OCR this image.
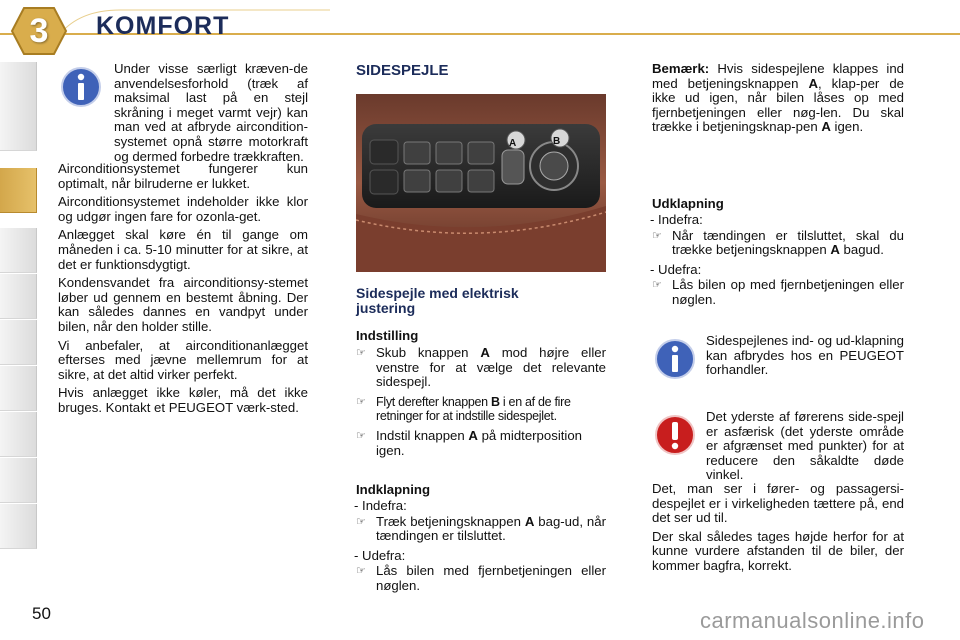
3	KOMFORT
Under visse særligt kræven-de anvendelsesforhold (træk af maksimal last på en stejl skråning i meget varmt vejr) kan man ved at afbryde aircondition-systemet opnå større motorkraft og dermed forbedre trækkraften.

Airconditionsystemet fungerer kun optimalt, når bilruderne er lukket.

Airconditionsystemet indeholder ikke klor og udgør ingen fare for ozonla-get.

Anlægget skal køre én til gange om måneden i ca. 5-10 minutter for at sikre, at det er funktionsdygtigt.

Kondensvandet fra airconditionsy-stemet løber ud gennem en bestemt åbning. Der kan således dannes en vandpyt under bilen, når den holder stille.

Vi anbefaler, at airconditionanlægget efterses med jævne mellemrum for at sikre, at det altid virker perfekt.

Hvis anlægget ikke køler, må det ikke bruges. Kontakt et PEUGEOT værk-sted.

SIDESPEJLE
A	B
Sidespejle med elektrisk justering
Indstilling
☞ Skub knappen A mod højre eller venstre for at vælge det relevante sidespejl.
☞ Flyt derefter knappen B i en af de fire retninger for at indstille sidespejlet.
☞ Indstil knappen A på midterposition igen.
Indklapning
- Indefra:
☞ Træk betjeningsknappen A bag-ud, når tændingen er tilsluttet.
- Udefra:
☞ Lås bilen med fjernbetjeningen eller nøglen.
Bemærk: Hvis sidespejlene klappes ind med betjeningsknappen A, klap-per de ikke ud igen, når bilen låses op med fjernbetjeningen eller nøg-len. Du skal trække i betjeningsknap-pen A igen.
Udklapning
- Indefra:
☞ Når tændingen er tilsluttet, skal du trække betjeningsknappen A bagud.
- Udefra:
☞ Lås bilen op med fjernbetjeningen eller nøglen.
Sidespejlenes ind- og ud-klapning kan afbrydes hos en PEUGEOT forhandler.
Det yderste af førerens side-spejl er asfærisk (det yderste område er afgrænset med punkter) for at reducere den såkaldte døde vinkel.

Det, man ser i fører- og passagersi-despejlet er i virkeligheden tættere på, end det ser ud til.

Der skal således tages højde herfor for at kunne vurdere afstanden til de biler, der kommer bagfra, korrekt.

50	carmanualsonline.info
